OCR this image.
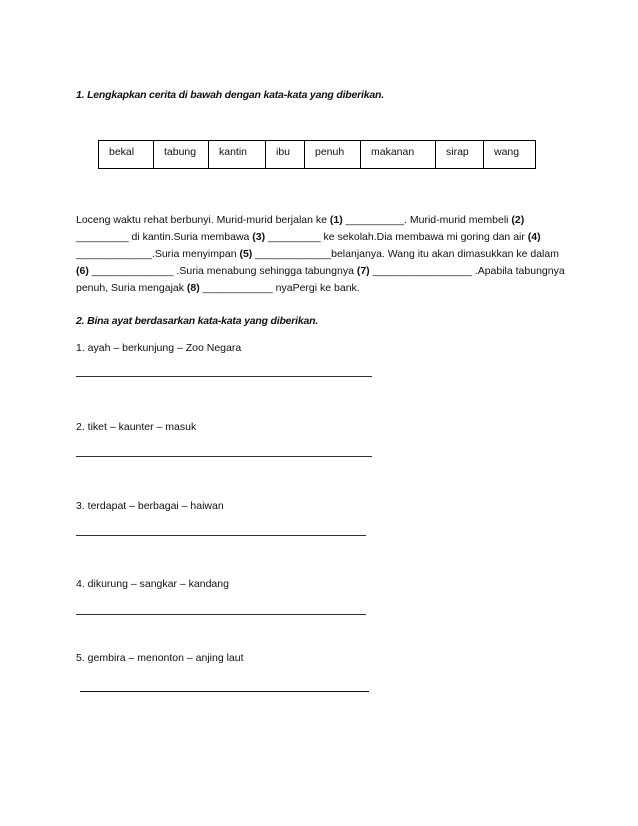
1. Lengkapkan cerita di bawah dengan kata-kata yang diberikan.
bekal	tabung	kantin	ibu	penuh	makanan	sirap	wang
Loceng waktu rehat berbunyi. Murid-murid berjalan ke (1) __________. Murid-murid membeli (2)
_________ di kantin.Suria membawa (3) _________ ke sekolah.Dia membawa mi goring dan air (4)
_____________.Suria menyimpan (5) _____________belanjanya. Wang itu akan dimasukkan ke dalam
(6) ______________ .Suria menabung sehingga tabungnya (7) _________________ .Apabila tabungnya
penuh, Suria mengajak (8) ____________ nyaPergi ke bank.
2. Bina ayat berdasarkan kata-kata yang diberikan.
1. ayah – berkunjung – Zoo Negara
2. tiket – kaunter – masuk
3. terdapat – berbagai – haiwan
4. dikurung – sangkar – kandang
5. gembira – menonton – anjing laut
